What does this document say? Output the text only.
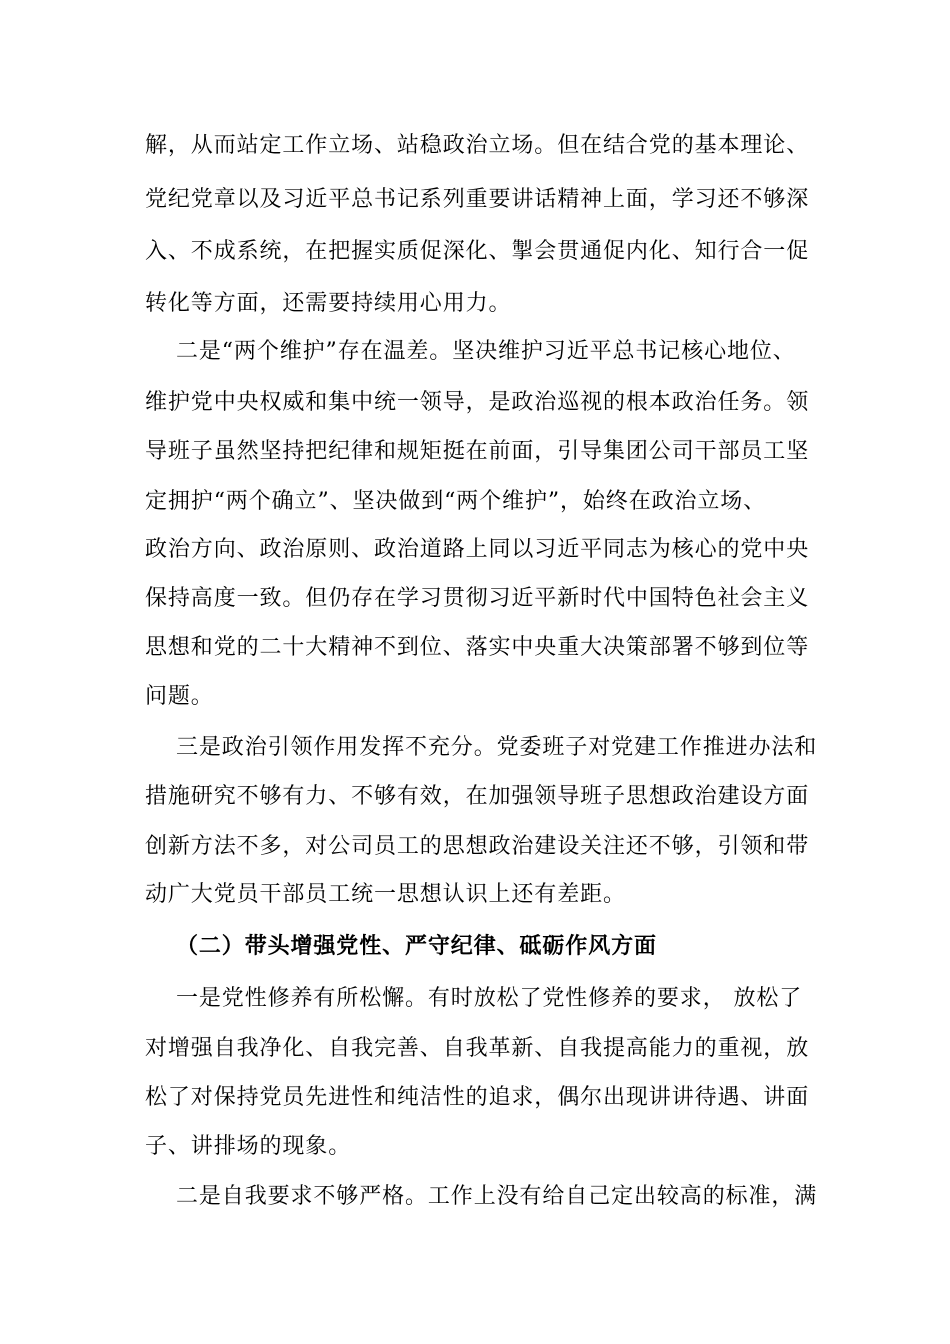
解，从而站定工作立场、站稳政治立场。但在结合党的基本理论、
党纪党章以及习近平总书记系列重要讲话精神上面，学习还不够深
入、不成系统，在把握实质促深化、掣会贯通促内化、知行合一促
转化等方面，还需要持续用心用力。
二是“两个维护”存在温差。坚决维护习近平总书记核心地位、
维护党中央权威和集中统一领导，是政治巡视的根本政治任务。领
导班子虽然坚持把纪律和规矩挺在前面，引导集团公司干部员工坚
定拥护“两个确立”、坚决做到“两个维护”，始终在政治立场、
政治方向、政治原则、政治道路上同以习近平同志为核心的党中央
保持高度一致。但仍存在学习贯彻习近平新时代中国特色社会主义
思想和党的二十大精神不到位、落实中央重大决策部署不够到位等
问题。
三是政治引领作用发挥不充分。党委班子对党建工作推进办法和
措施研究不够有力、不够有效，在加强领导班子思想政治建设方面
创新方法不多，对公司员工的思想政治建设关注还不够，引领和带
动广大党员干部员工统一思想认识上还有差距。
（二）带头增强党性、严守纪律、砥砺作风方面
一是党性修养有所松懈。有时放松了党性修养的要求， 放松了
对增强自我净化、自我完善、自我革新、自我提高能力的重视，放
松了对保持党员先进性和纯洁性的追求，偶尔出现讲讲待遇、讲面
子、讲排场的现象。
二是自我要求不够严格。工作上没有给自己定出较高的标准，满
